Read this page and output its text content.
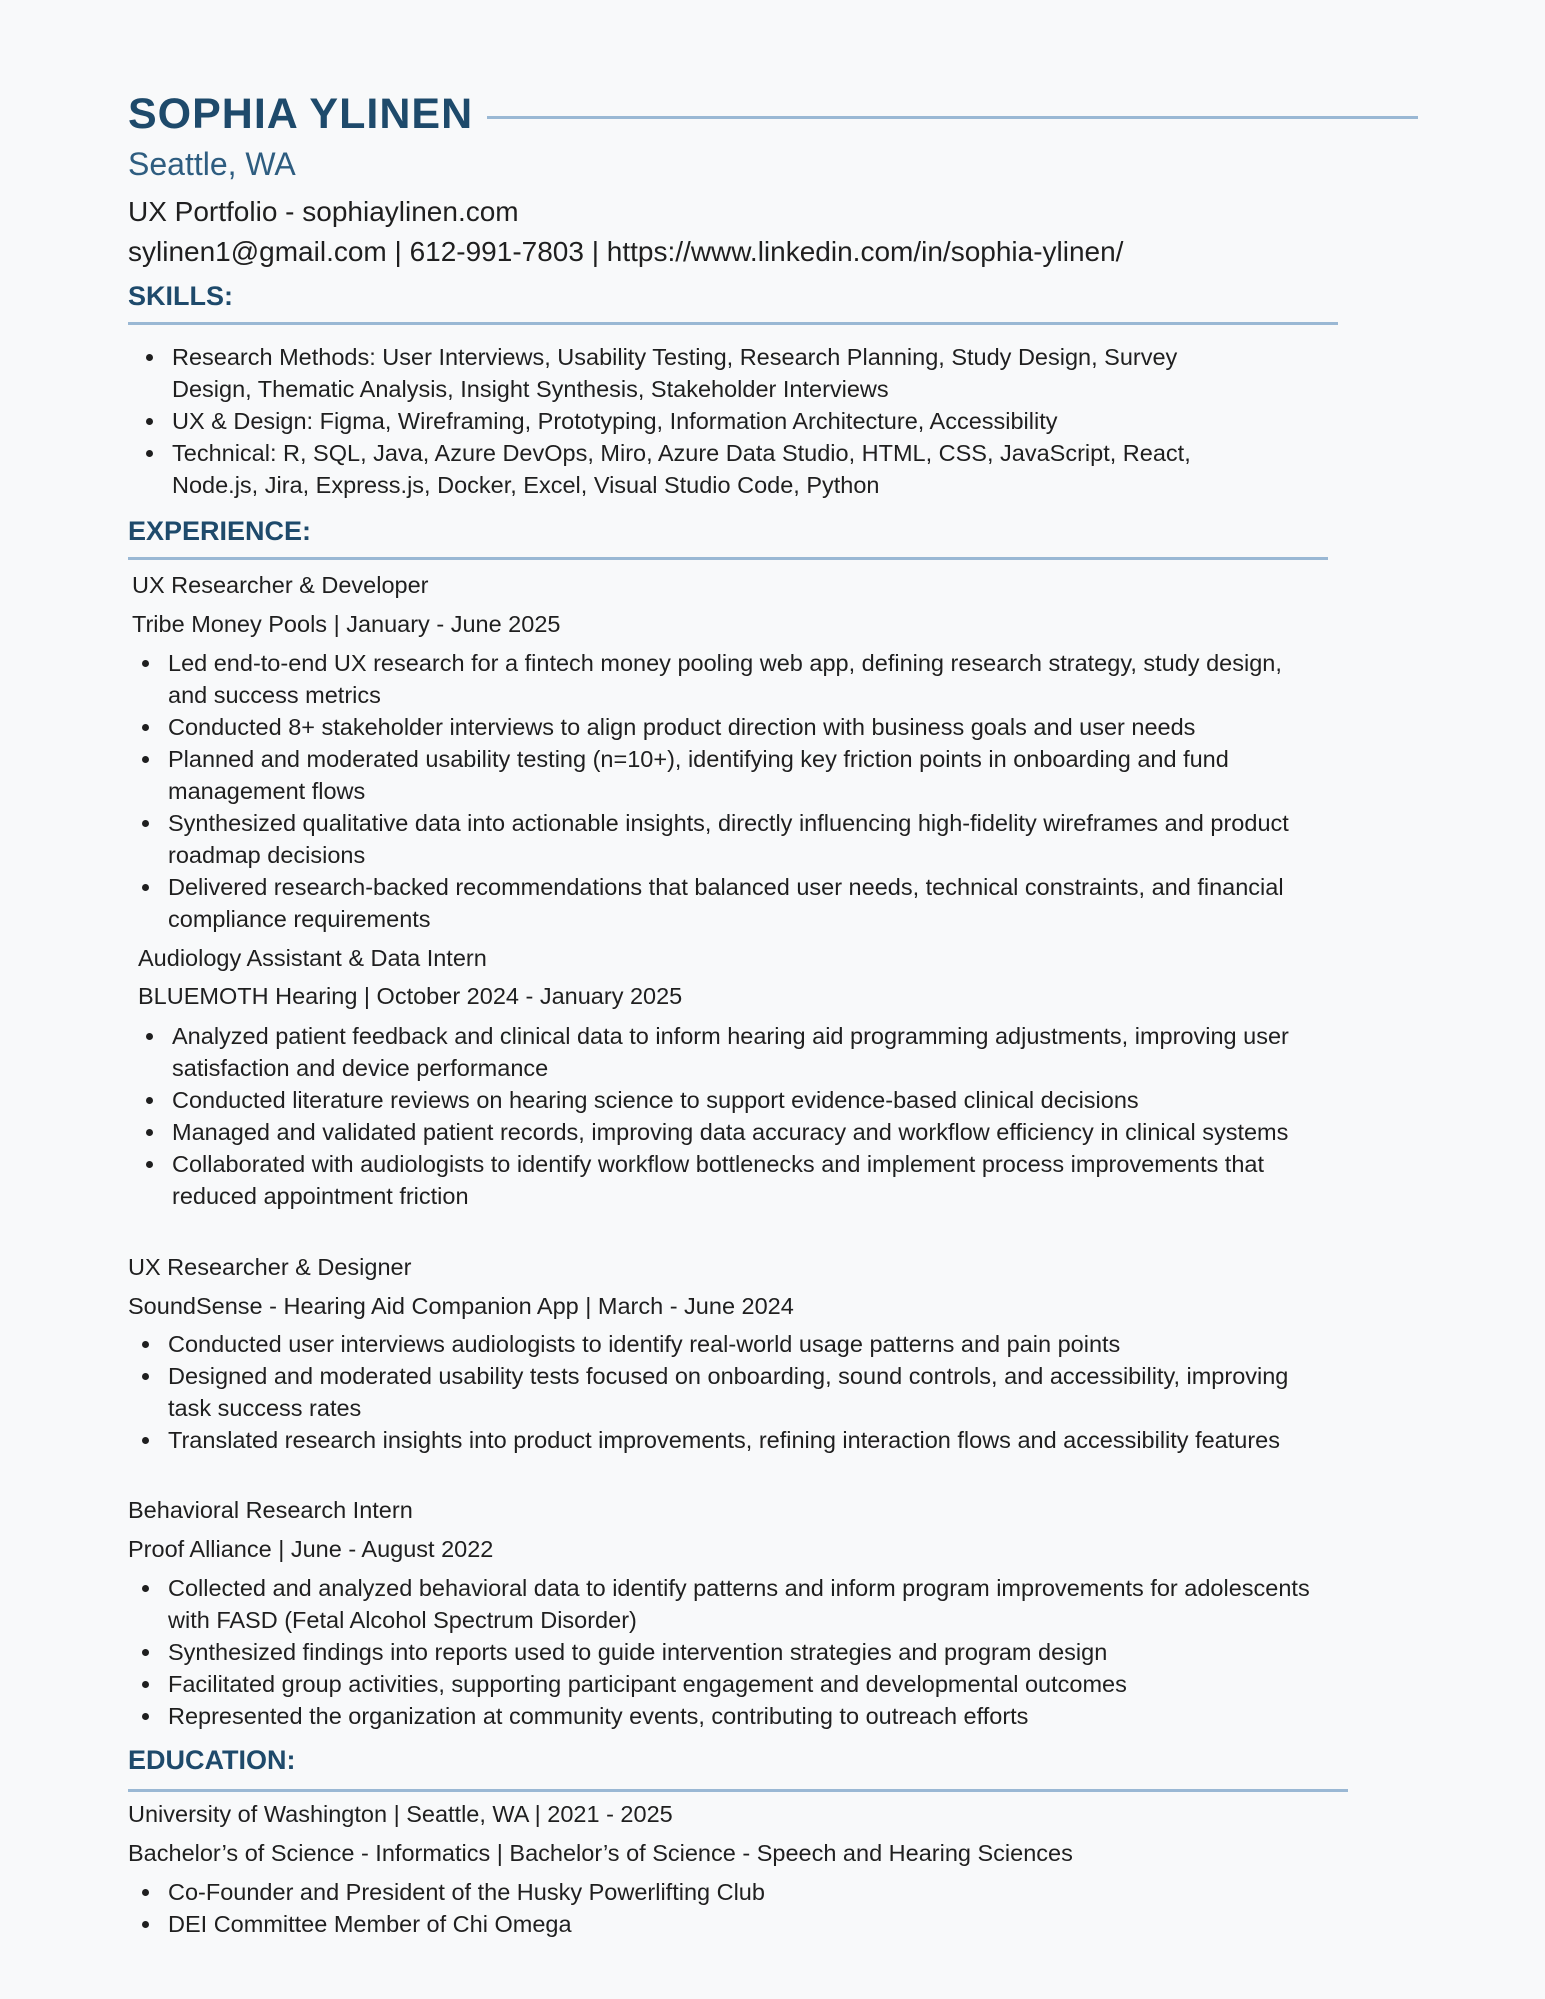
SOPHIA YLINEN
Seattle, WA
UX Portfolio - sophiaylinen.com
sylinen1@gmail.com | 612-991-7803 | https://www.linkedin.com/in/sophia-ylinen/
SKILLS:
Research Methods: User Interviews, Usability Testing, Research Planning, Study Design, Survey Design, Thematic Analysis, Insight Synthesis, Stakeholder Interviews
UX & Design: Figma, Wireframing, Prototyping, Information Architecture, Accessibility
Technical: R, SQL, Java, Azure DevOps, Miro, Azure Data Studio, HTML, CSS, JavaScript, React, Node.js, Jira, Express.js, Docker, Excel, Visual Studio Code, Python
EXPERIENCE:
UX Researcher & Developer
Tribe Money Pools | January - June 2025
Led end-to-end UX research for a fintech money pooling web app, defining research strategy, study design, and success metrics
Conducted 8+ stakeholder interviews to align product direction with business goals and user needs
Planned and moderated usability testing (n=10+), identifying key friction points in onboarding and fund management flows
Synthesized qualitative data into actionable insights, directly influencing high-fidelity wireframes and product roadmap decisions
Delivered research-backed recommendations that balanced user needs, technical constraints, and financial compliance requirements
Audiology Assistant & Data Intern
BLUEMOTH Hearing | October 2024 - January 2025
Analyzed patient feedback and clinical data to inform hearing aid programming adjustments, improving user satisfaction and device performance
Conducted literature reviews on hearing science to support evidence-based clinical decisions
Managed and validated patient records, improving data accuracy and workflow efficiency in clinical systems
Collaborated with audiologists to identify workflow bottlenecks and implement process improvements that reduced appointment friction
UX Researcher & Designer
SoundSense - Hearing Aid Companion App | March - June 2024
Conducted user interviews audiologists to identify real-world usage patterns and pain points
Designed and moderated usability tests focused on onboarding, sound controls, and accessibility, improving task success rates
Translated research insights into product improvements, refining interaction flows and accessibility features
Behavioral Research Intern
Proof Alliance | June - August 2022
Collected and analyzed behavioral data to identify patterns and inform program improvements for adolescents with FASD (Fetal Alcohol Spectrum Disorder)
Synthesized findings into reports used to guide intervention strategies and program design
Facilitated group activities, supporting participant engagement and developmental outcomes
Represented the organization at community events, contributing to outreach efforts
EDUCATION:
University of Washington | Seattle, WA | 2021 - 2025
Bachelor’s of Science - Informatics | Bachelor’s of Science - Speech and Hearing Sciences
Co-Founder and President of the Husky Powerlifting Club
DEI Committee Member of Chi Omega
